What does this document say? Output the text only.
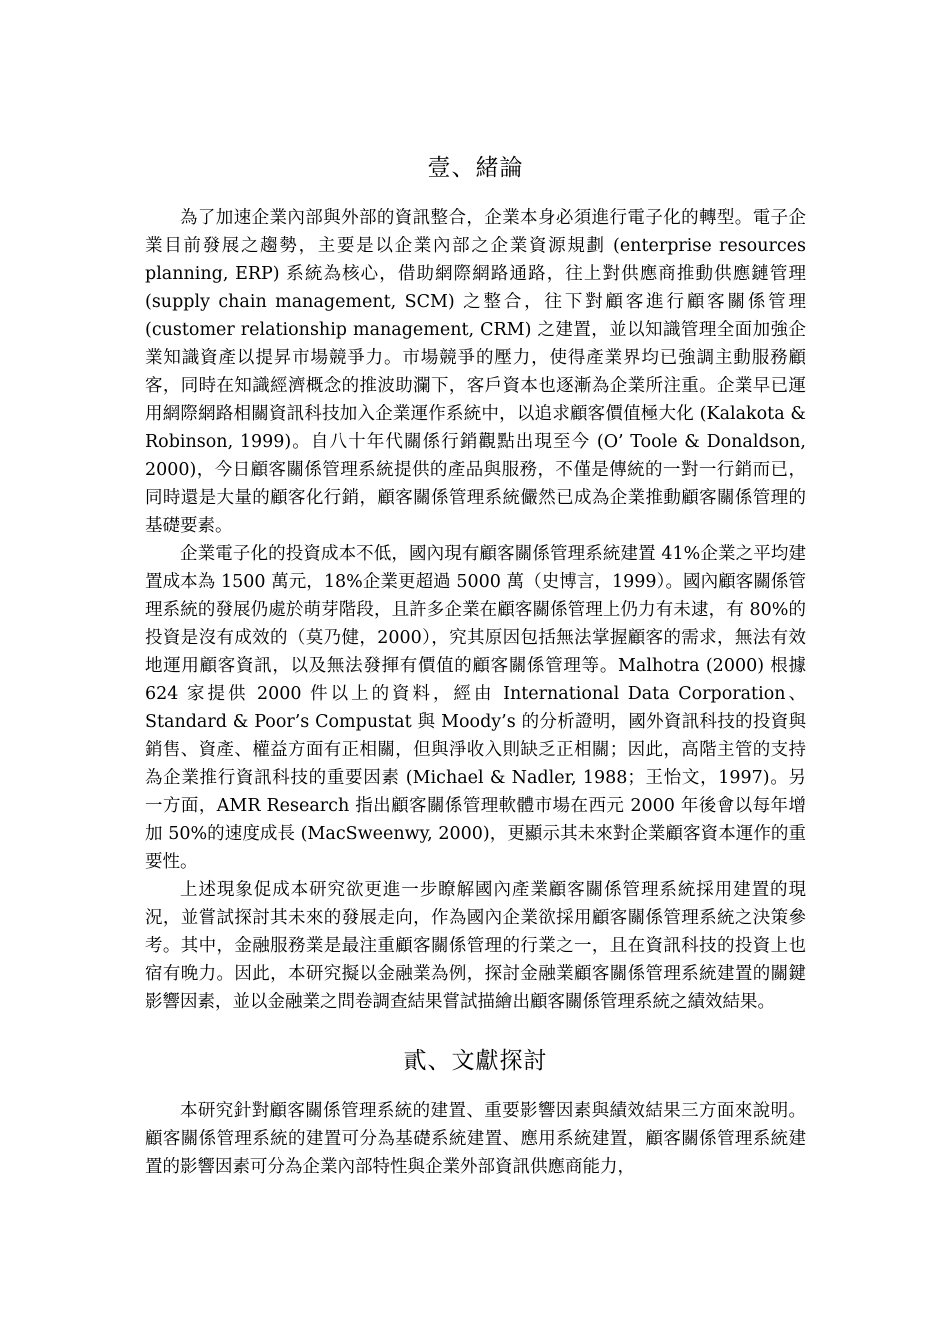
壹、緒論

為了加速企業內部與外部的資訊整合，企業本身必須進行電子化的轉型。電子企業目前發展之趨勢，主要是以企業內部之企業資源規劃 (enterprise resources planning, ERP) 系統為核心，借助網際網路通路，往上對供應商推動供應鏈管理 (supply chain management, SCM) 之整合，往下對顧客進行顧客關係管理 (customer relationship management, CRM) 之建置，並以知識管理全面加強企業知識資產以提昇市場競爭力。市場競爭的壓力，使得產業界均已強調主動服務顧客，同時在知識經濟概念的推波助瀾下，客戶資本也逐漸為企業所注重。企業早已運用網際網路相關資訊科技加入企業運作系統中，以追求顧客價值極大化 (Kalakota & Robinson, 1999)。自八十年代關係行銷觀點出現至今 (O’ Toole & Donaldson, 2000)，今日顧客關係管理系統提供的產品與服務，不僅是傳統的一對一行銷而已，同時還是大量的顧客化行銷，顧客關係管理系統儼然已成為企業推動顧客關係管理的基礎要素。

企業電子化的投資成本不低，國內現有顧客關係管理系統建置 41%企業之平均建置成本為 1500 萬元，18%企業更超過 5000 萬（史博言，1999）。國內顧客關係管理系統的發展仍處於萌芽階段，且許多企業在顧客關係管理上仍力有未逮，有 80%的投資是沒有成效的（莫乃健，2000），究其原因包括無法掌握顧客的需求，無法有效地運用顧客資訊，以及無法發揮有價值的顧客關係管理等。Malhotra (2000) 根據 624 家提供 2000 件以上的資料，經由 International Data Corporation、 Standard & Poor’s Compustat 與 Moody’s 的分析證明，國外資訊科技的投資與銷售、資產、權益方面有正相關，但與淨收入則缺乏正相關；因此，高階主管的支持為企業推行資訊科技的重要因素 (Michael & Nadler, 1988；王怡文，1997)。另一方面，AMR Research 指出顧客關係管理軟體市場在西元 2000 年後會以每年增加 50%的速度成長 (MacSweenwy, 2000)，更顯示其未來對企業顧客資本運作的重要性。

上述現象促成本研究欲更進一步瞭解國內產業顧客關係管理系統採用建置的現況，並嘗試探討其未來的發展走向，作為國內企業欲採用顧客關係管理系統之決策參考。其中，金融服務業是最注重顧客關係管理的行業之一，且在資訊科技的投資上也宿有晚力。因此，本研究擬以金融業為例，探討金融業顧客關係管理系統建置的關鍵影響因素，並以金融業之問卷調查結果嘗試描繪出顧客關係管理系統之績效結果。

貳、文獻探討

本研究針對顧客關係管理系統的建置、重要影響因素與績效結果三方面來說明。顧客關係管理系統的建置可分為基礎系統建置、應用系統建置，顧客關係管理系統建置的影響因素可分為企業內部特性與企業外部資訊供應商能力，
